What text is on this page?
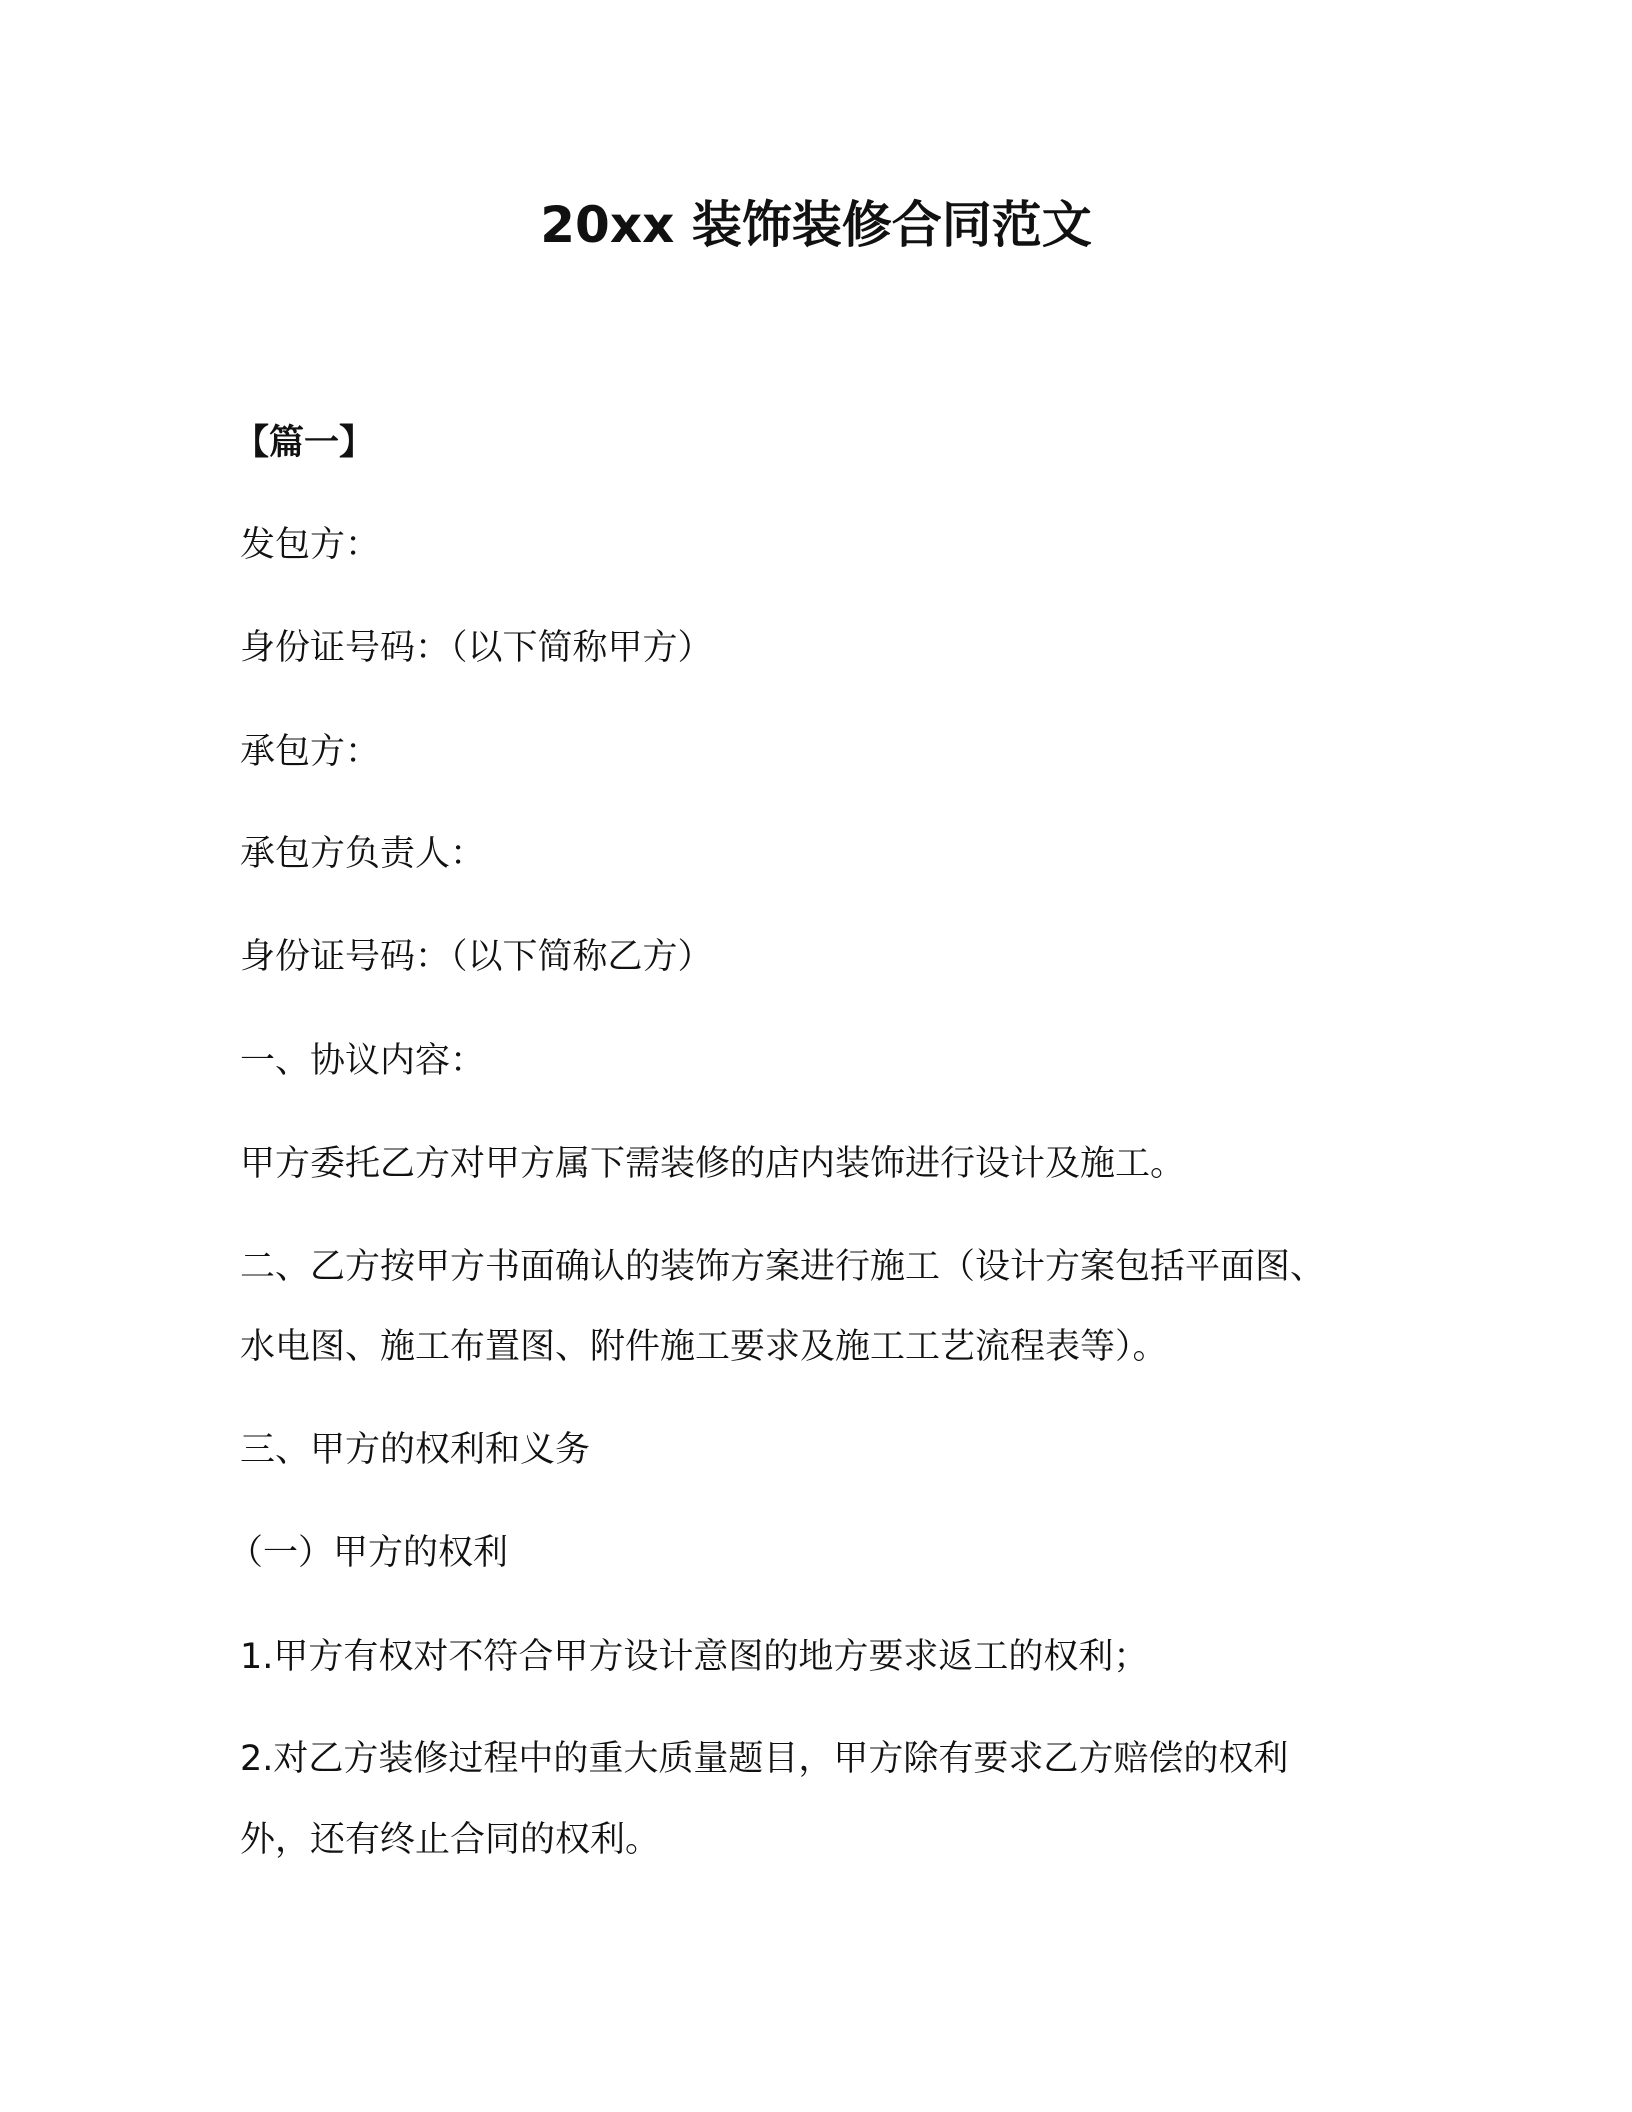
20xx 装饰装修合同范文
【篇一】
发包方：
身份证号码：（以下简称甲方）
承包方：
承包方负责人：
身份证号码：（以下简称乙方）
一、协议内容：
甲方委托乙方对甲方属下需装修的店内装饰进行设计及施工。
二、乙方按甲方书面确认的装饰方案进行施工（设计方案包括平面图、
水电图、施工布置图、附件施工要求及施工工艺流程表等）。
三、甲方的权利和义务
（一）甲方的权利
1.甲方有权对不符合甲方设计意图的地方要求返工的权利；
2.对乙方装修过程中的重大质量题目，甲方除有要求乙方赔偿的权利
外，还有终止合同的权利。
